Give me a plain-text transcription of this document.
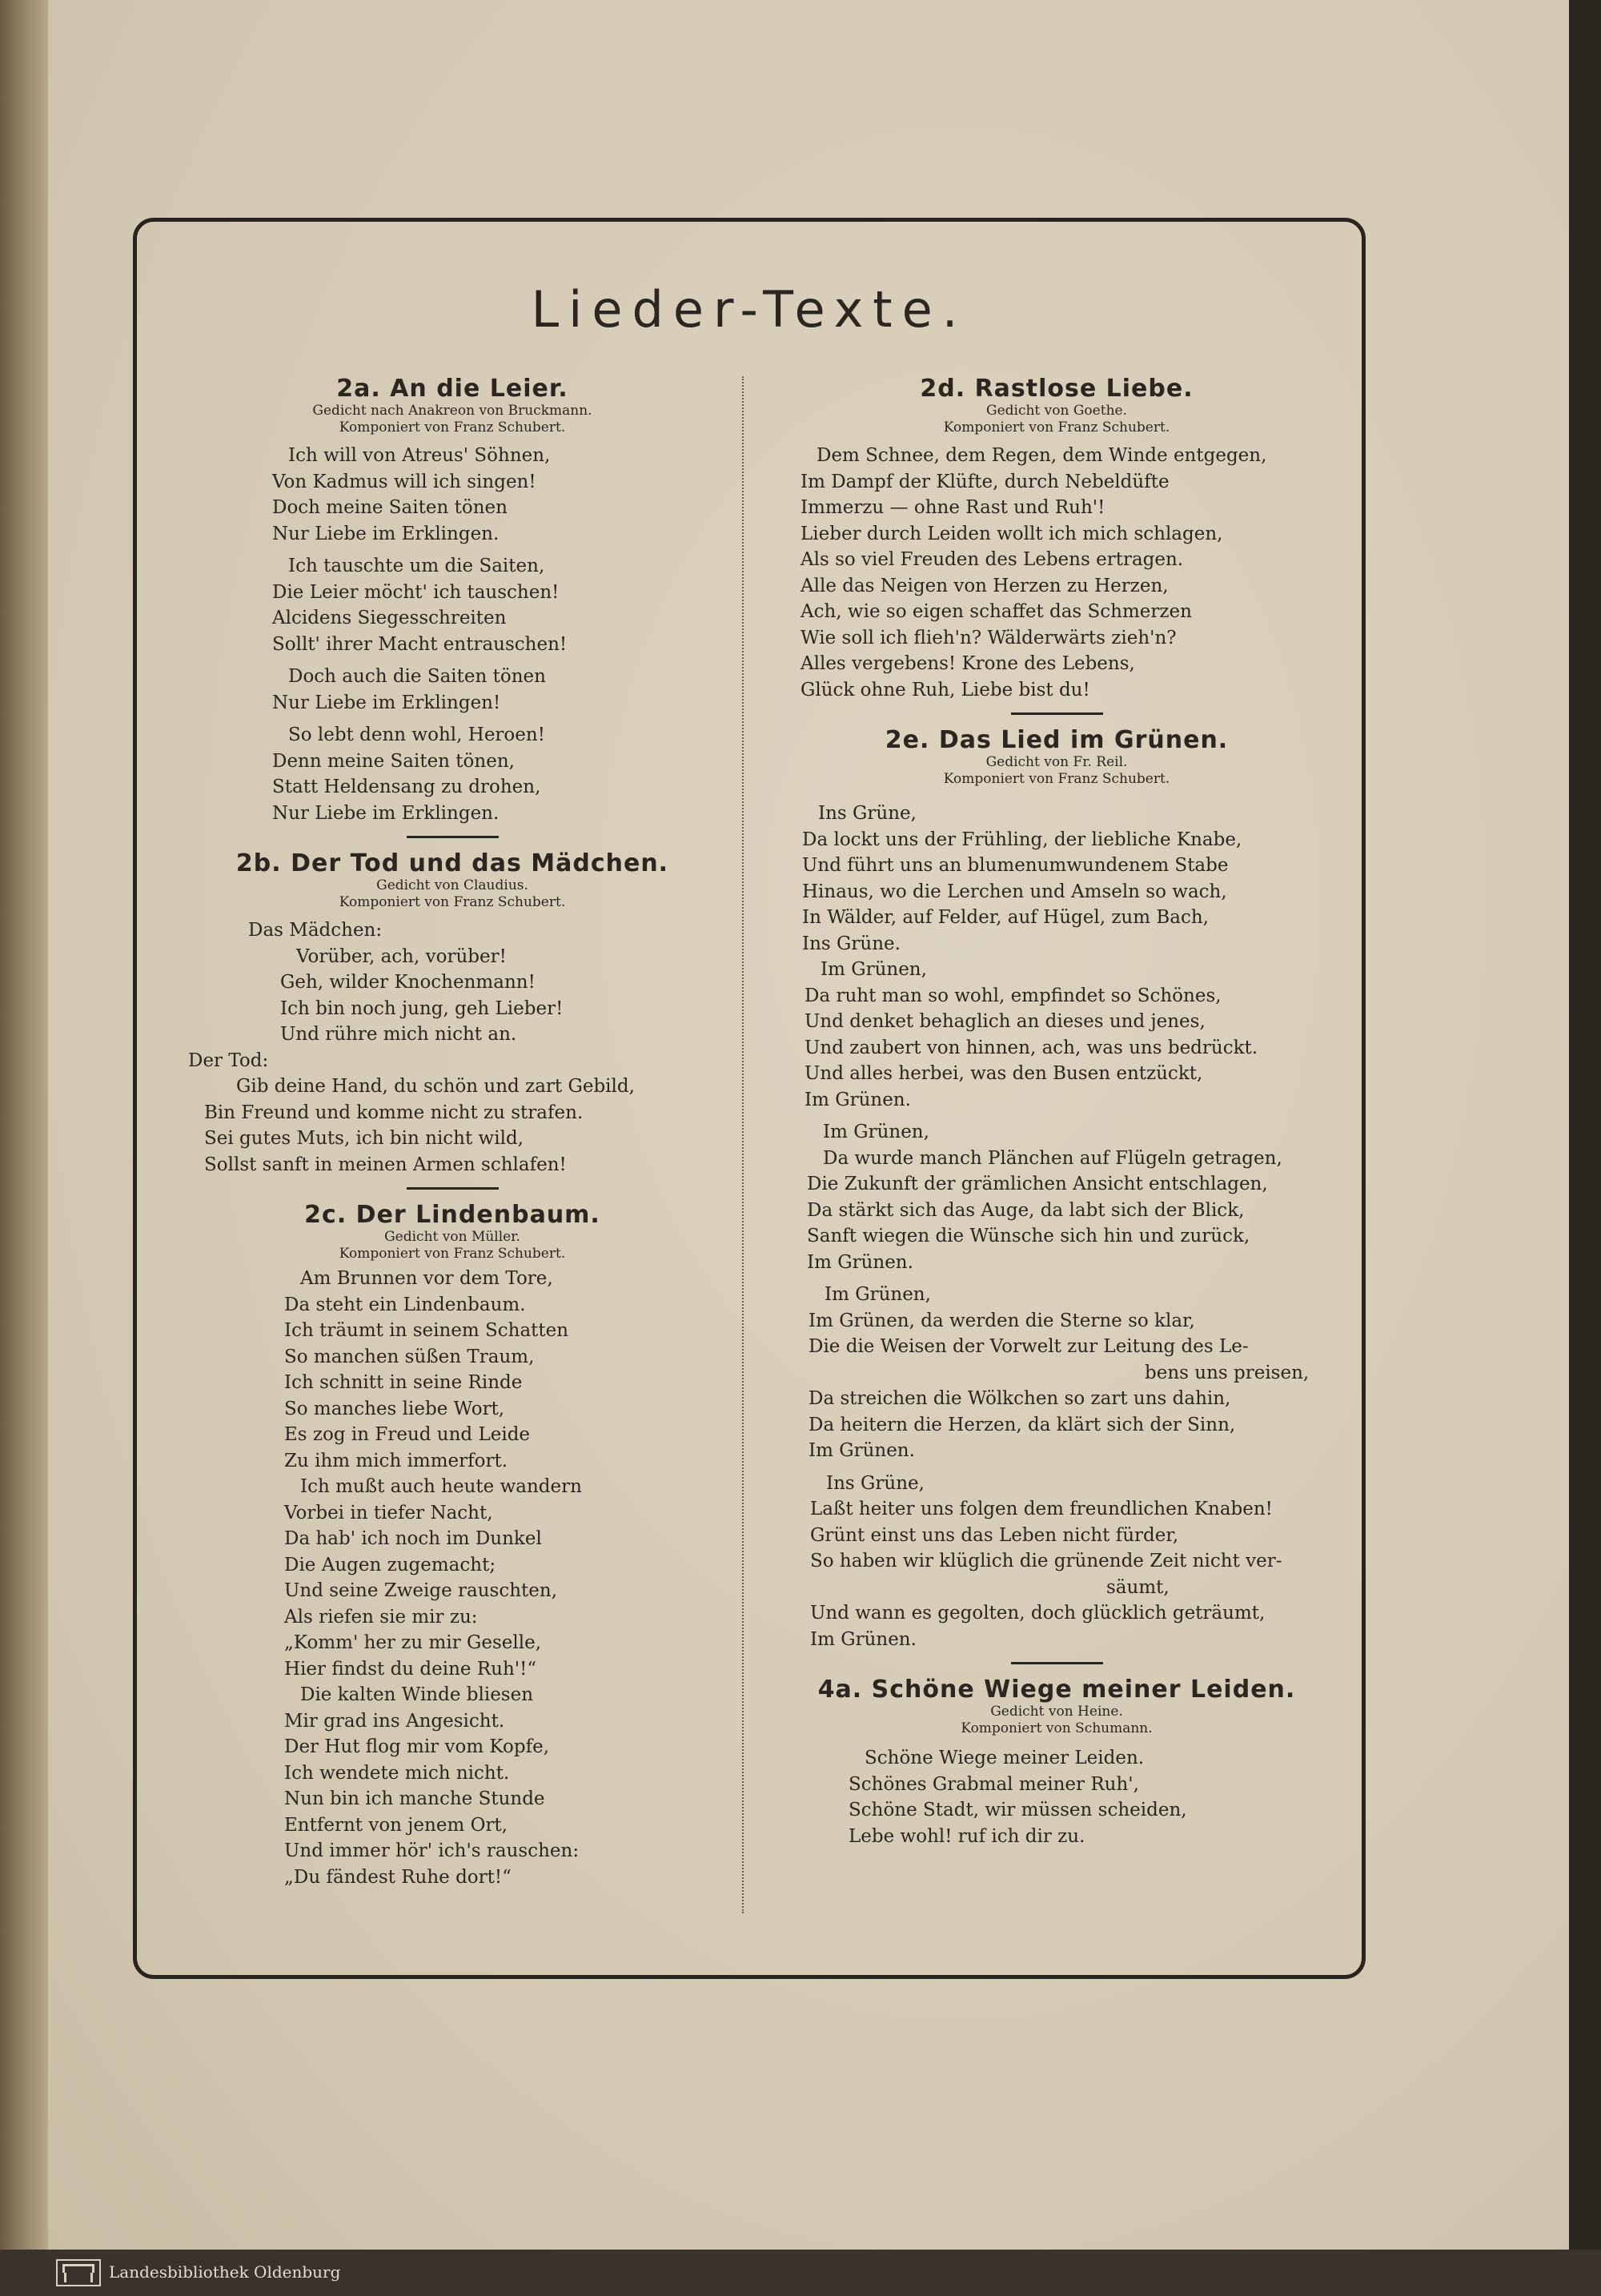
Lieder-Texte.
2a. An die Leier.
Gedicht nach Anakreon von Bruckmann.
Komponiert von Franz Schubert.
Ich will von Atreus' Söhnen,
Von Kadmus will ich singen!
Doch meine Saiten tönen
Nur Liebe im Erklingen.
Ich tauschte um die Saiten,
Die Leier möcht' ich tauschen!
Alcidens Siegesschreiten
Sollt' ihrer Macht entrauschen!
Doch auch die Saiten tönen
Nur Liebe im Erklingen!
So lebt denn wohl, Heroen!
Denn meine Saiten tönen,
Statt Heldensang zu drohen,
Nur Liebe im Erklingen.
2b. Der Tod und das Mädchen.
Gedicht von Claudius.
Komponiert von Franz Schubert.
Das Mädchen:
Vorüber, ach, vorüber!
Geh, wilder Knochenmann!
Ich bin noch jung, geh Lieber!
Und rühre mich nicht an.
Der Tod:
Gib deine Hand, du schön und zart Gebild,
Bin Freund und komme nicht zu strafen.
Sei gutes Muts, ich bin nicht wild,
Sollst sanft in meinen Armen schlafen!
2c. Der Lindenbaum.
Gedicht von Müller.
Komponiert von Franz Schubert.
Am Brunnen vor dem Tore,
Da steht ein Lindenbaum.
Ich träumt in seinem Schatten
So manchen süßen Traum,
Ich schnitt in seine Rinde
So manches liebe Wort,
Es zog in Freud und Leide
Zu ihm mich immerfort.
Ich mußt auch heute wandern
Vorbei in tiefer Nacht,
Da hab' ich noch im Dunkel
Die Augen zugemacht;
Und seine Zweige rauschten,
Als riefen sie mir zu:
„Komm' her zu mir Geselle,
Hier findst du deine Ruh'!“
Die kalten Winde bliesen
Mir grad ins Angesicht.
Der Hut flog mir vom Kopfe,
Ich wendete mich nicht.
Nun bin ich manche Stunde
Entfernt von jenem Ort,
Und immer hör' ich's rauschen:
„Du fändest Ruhe dort!“
2d. Rastlose Liebe.
Gedicht von Goethe.
Komponiert von Franz Schubert.
Dem Schnee, dem Regen, dem Winde entgegen,
Im Dampf der Klüfte, durch Nebeldüfte
Immerzu — ohne Rast und Ruh'!
Lieber durch Leiden wollt ich mich schlagen,
Als so viel Freuden des Lebens ertragen.
Alle das Neigen von Herzen zu Herzen,
Ach, wie so eigen schaffet das Schmerzen
Wie soll ich flieh'n? Wälderwärts zieh'n?
Alles vergebens! Krone des Lebens,
Glück ohne Ruh, Liebe bist du!
2e. Das Lied im Grünen.
Gedicht von Fr. Reil.
Komponiert von Franz Schubert.
Ins Grüne,
Da lockt uns der Frühling, der liebliche Knabe,
Und führt uns an blumenumwundenem Stabe
Hinaus, wo die Lerchen und Amseln so wach,
In Wälder, auf Felder, auf Hügel, zum Bach,
Ins Grüne.
Im Grünen,
Da ruht man so wohl, empfindet so Schönes,
Und denket behaglich an dieses und jenes,
Und zaubert von hinnen, ach, was uns bedrückt.
Und alles herbei, was den Busen entzückt,
Im Grünen.
Im Grünen,
Da wurde manch Plänchen auf Flügeln getragen,
Die Zukunft der grämlichen Ansicht entschlagen,
Da stärkt sich das Auge, da labt sich der Blick,
Sanft wiegen die Wünsche sich hin und zurück,
Im Grünen.
Im Grünen,
Im Grünen, da werden die Sterne so klar,
Die die Weisen der Vorwelt zur Leitung des Le-
bens uns preisen,
Da streichen die Wölkchen so zart uns dahin,
Da heitern die Herzen, da klärt sich der Sinn,
Im Grünen.
Ins Grüne,
Laßt heiter uns folgen dem freundlichen Knaben!
Grünt einst uns das Leben nicht fürder,
So haben wir klüglich die grünende Zeit nicht ver-
säumt,
Und wann es gegolten, doch glücklich geträumt,
Im Grünen.
4a. Schöne Wiege meiner Leiden.
Gedicht von Heine.
Komponiert von Schumann.
Schöne Wiege meiner Leiden.
Schönes Grabmal meiner Ruh',
Schöne Stadt, wir müssen scheiden,
Lebe wohl! ruf ich dir zu.
Landesbibliothek Oldenburg
